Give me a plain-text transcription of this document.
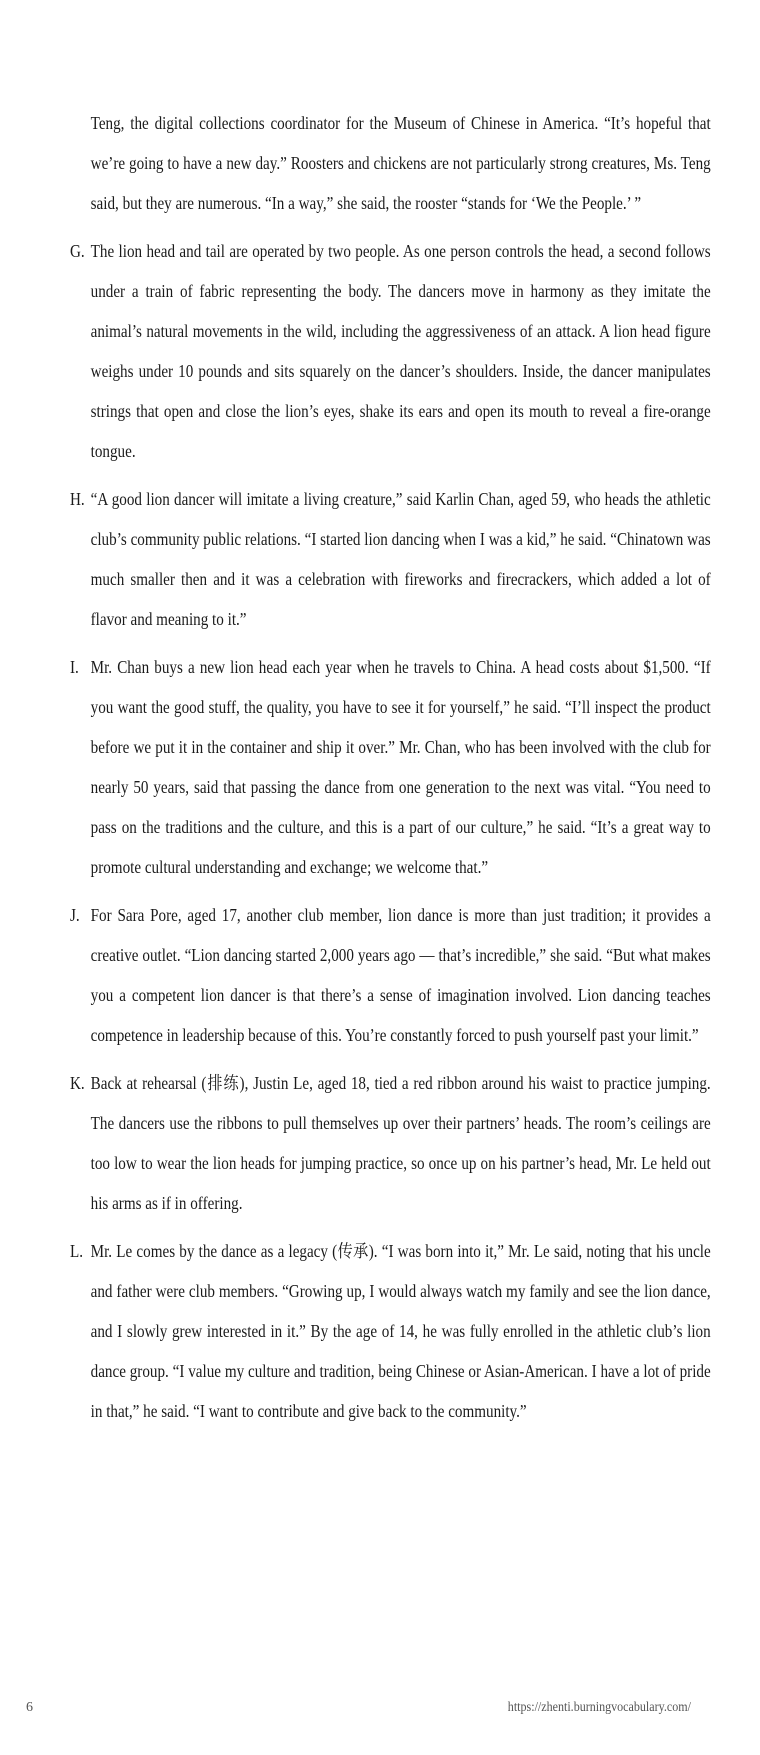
Teng, the digital collections coordinator for the Museum of Chinese in America. “It’s hopeful that we’re going to have a new day.” Roosters and chickens are not particularly strong creatures, Ms. Teng said, but they are numerous. “In a way,” she said, the rooster “stands for ‘We the People.’ ”

G. The lion head and tail are operated by two people. As one person controls the head, a second follows under a train of fabric representing the body. The dancers move in harmony as they imitate the animal’s natural movements in the wild, including the aggressiveness of an attack. A lion head figure weighs under 10 pounds and sits squarely on the dancer’s shoulders. Inside, the dancer manipulates strings that open and close the lion’s eyes, shake its ears and open its mouth to reveal a fire-orange tongue.

H. “A good lion dancer will imitate a living creature,” said Karlin Chan, aged 59, who heads the athletic club’s community public relations. “I started lion dancing when I was a kid,” he said. “Chinatown was much smaller then and it was a celebration with fireworks and firecrackers, which added a lot of flavor and meaning to it.”

I. Mr. Chan buys a new lion head each year when he travels to China. A head costs about $1,500. “If you want the good stuff, the quality, you have to see it for yourself,” he said. “I’ll inspect the product before we put it in the container and ship it over.” Mr. Chan, who has been involved with the club for nearly 50 years, said that passing the dance from one generation to the next was vital. “You need to pass on the traditions and the culture, and this is a part of our culture,” he said. “It’s a great way to promote cultural understanding and exchange; we welcome that.”

J. For Sara Pore, aged 17, another club member, lion dance is more than just tradition; it provides a creative outlet. “Lion dancing started 2,000 years ago — that’s incredible,” she said. “But what makes you a competent lion dancer is that there’s a sense of imagination involved. Lion dancing teaches competence in leadership because of this. You’re constantly forced to push yourself past your limit.”

K. Back at rehearsal (排练), Justin Le, aged 18, tied a red ribbon around his waist to practice jumping. The dancers use the ribbons to pull themselves up over their partners’ heads. The room’s ceilings are too low to wear the lion heads for jumping practice, so once up on his partner’s head, Mr. Le held out his arms as if in offering.

L. Mr. Le comes by the dance as a legacy (传承). “I was born into it,” Mr. Le said, noting that his uncle and father were club members. “Growing up, I would always watch my family and see the lion dance, and I slowly grew interested in it.” By the age of 14, he was fully enrolled in the athletic club’s lion dance group. “I value my culture and tradition, being Chinese or Asian-American. I have a lot of pride in that,” he said. “I want to contribute and give back to the community.”

6	https://zhenti.burningvocabulary.com/
